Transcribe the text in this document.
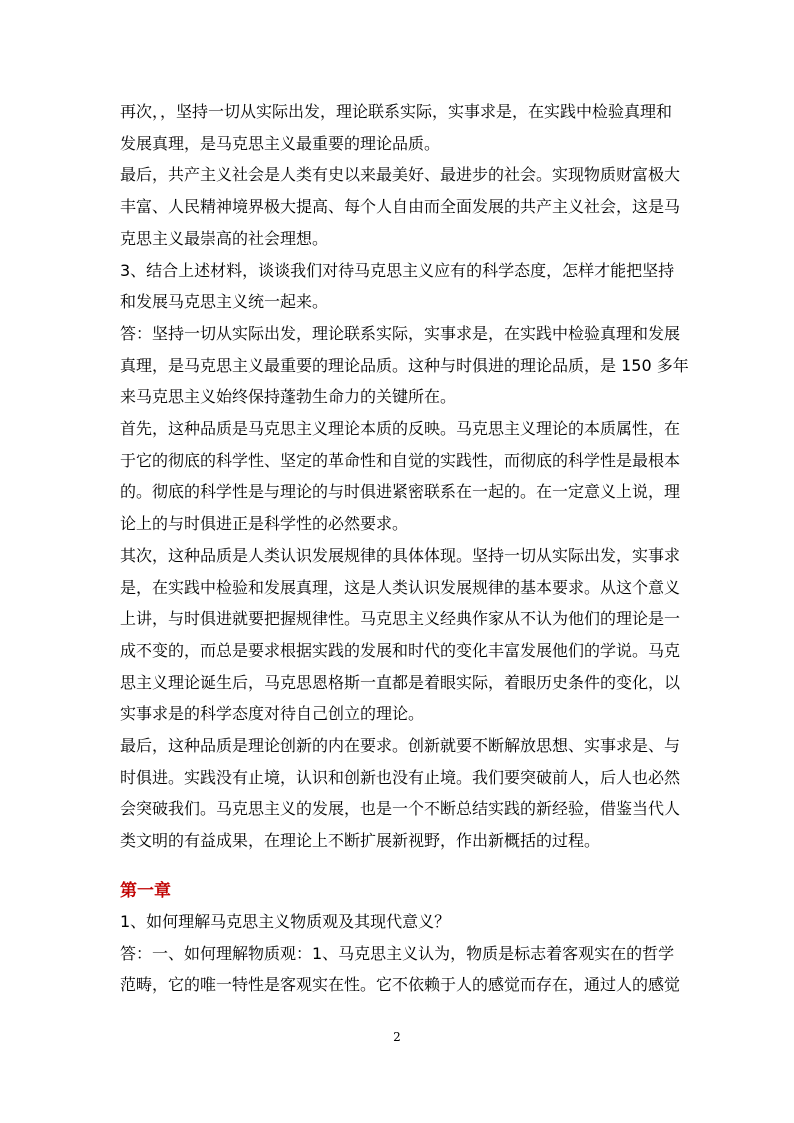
再次，，坚持一切从实际出发，理论联系实际，实事求是，在实践中检验真理和
发展真理，是马克思主义最重要的理论品质。

最后，共产主义社会是人类有史以来最美好、最进步的社会。实现物质财富极大
丰富、人民精神境界极大提高、每个人自由而全面发展的共产主义社会，这是马
克思主义最崇高的社会理想。

3、结合上述材料，谈谈我们对待马克思主义应有的科学态度，怎样才能把坚持
和发展马克思主义统一起来。

答：坚持一切从实际出发，理论联系实际，实事求是，在实践中检验真理和发展
真理，是马克思主义最重要的理论品质。这种与时俱进的理论品质，是 150 多年
来马克思主义始终保持蓬勃生命力的关键所在。

首先，这种品质是马克思主义理论本质的反映。马克思主义理论的本质属性，在
于它的彻底的科学性、坚定的革命性和自觉的实践性，而彻底的科学性是最根本
的。彻底的科学性是与理论的与时俱进紧密联系在一起的。在一定意义上说，理
论上的与时俱进正是科学性的必然要求。

其次，这种品质是人类认识发展规律的具体体现。坚持一切从实际出发，实事求
是，在实践中检验和发展真理，这是人类认识发展规律的基本要求。从这个意义
上讲，与时俱进就要把握规律性。马克思主义经典作家从不认为他们的理论是一
成不变的，而总是要求根据实践的发展和时代的变化丰富发展他们的学说。马克
思主义理论诞生后，马克思恩格斯一直都是着眼实际，着眼历史条件的变化，以
实事求是的科学态度对待自己创立的理论。

最后，这种品质是理论创新的内在要求。创新就要不断解放思想、实事求是、与
时俱进。实践没有止境，认识和创新也没有止境。我们要突破前人，后人也必然
会突破我们。马克思主义的发展，也是一个不断总结实践的新经验，借鉴当代人
类文明的有益成果，在理论上不断扩展新视野，作出新概括的过程。

第一章

1、如何理解马克思主义物质观及其现代意义？

答：一、如何理解物质观：1、马克思主义认为，物质是标志着客观实在的哲学
范畴，它的唯一特性是客观实在性。它不依赖于人的感觉而存在，通过人的感觉

2
